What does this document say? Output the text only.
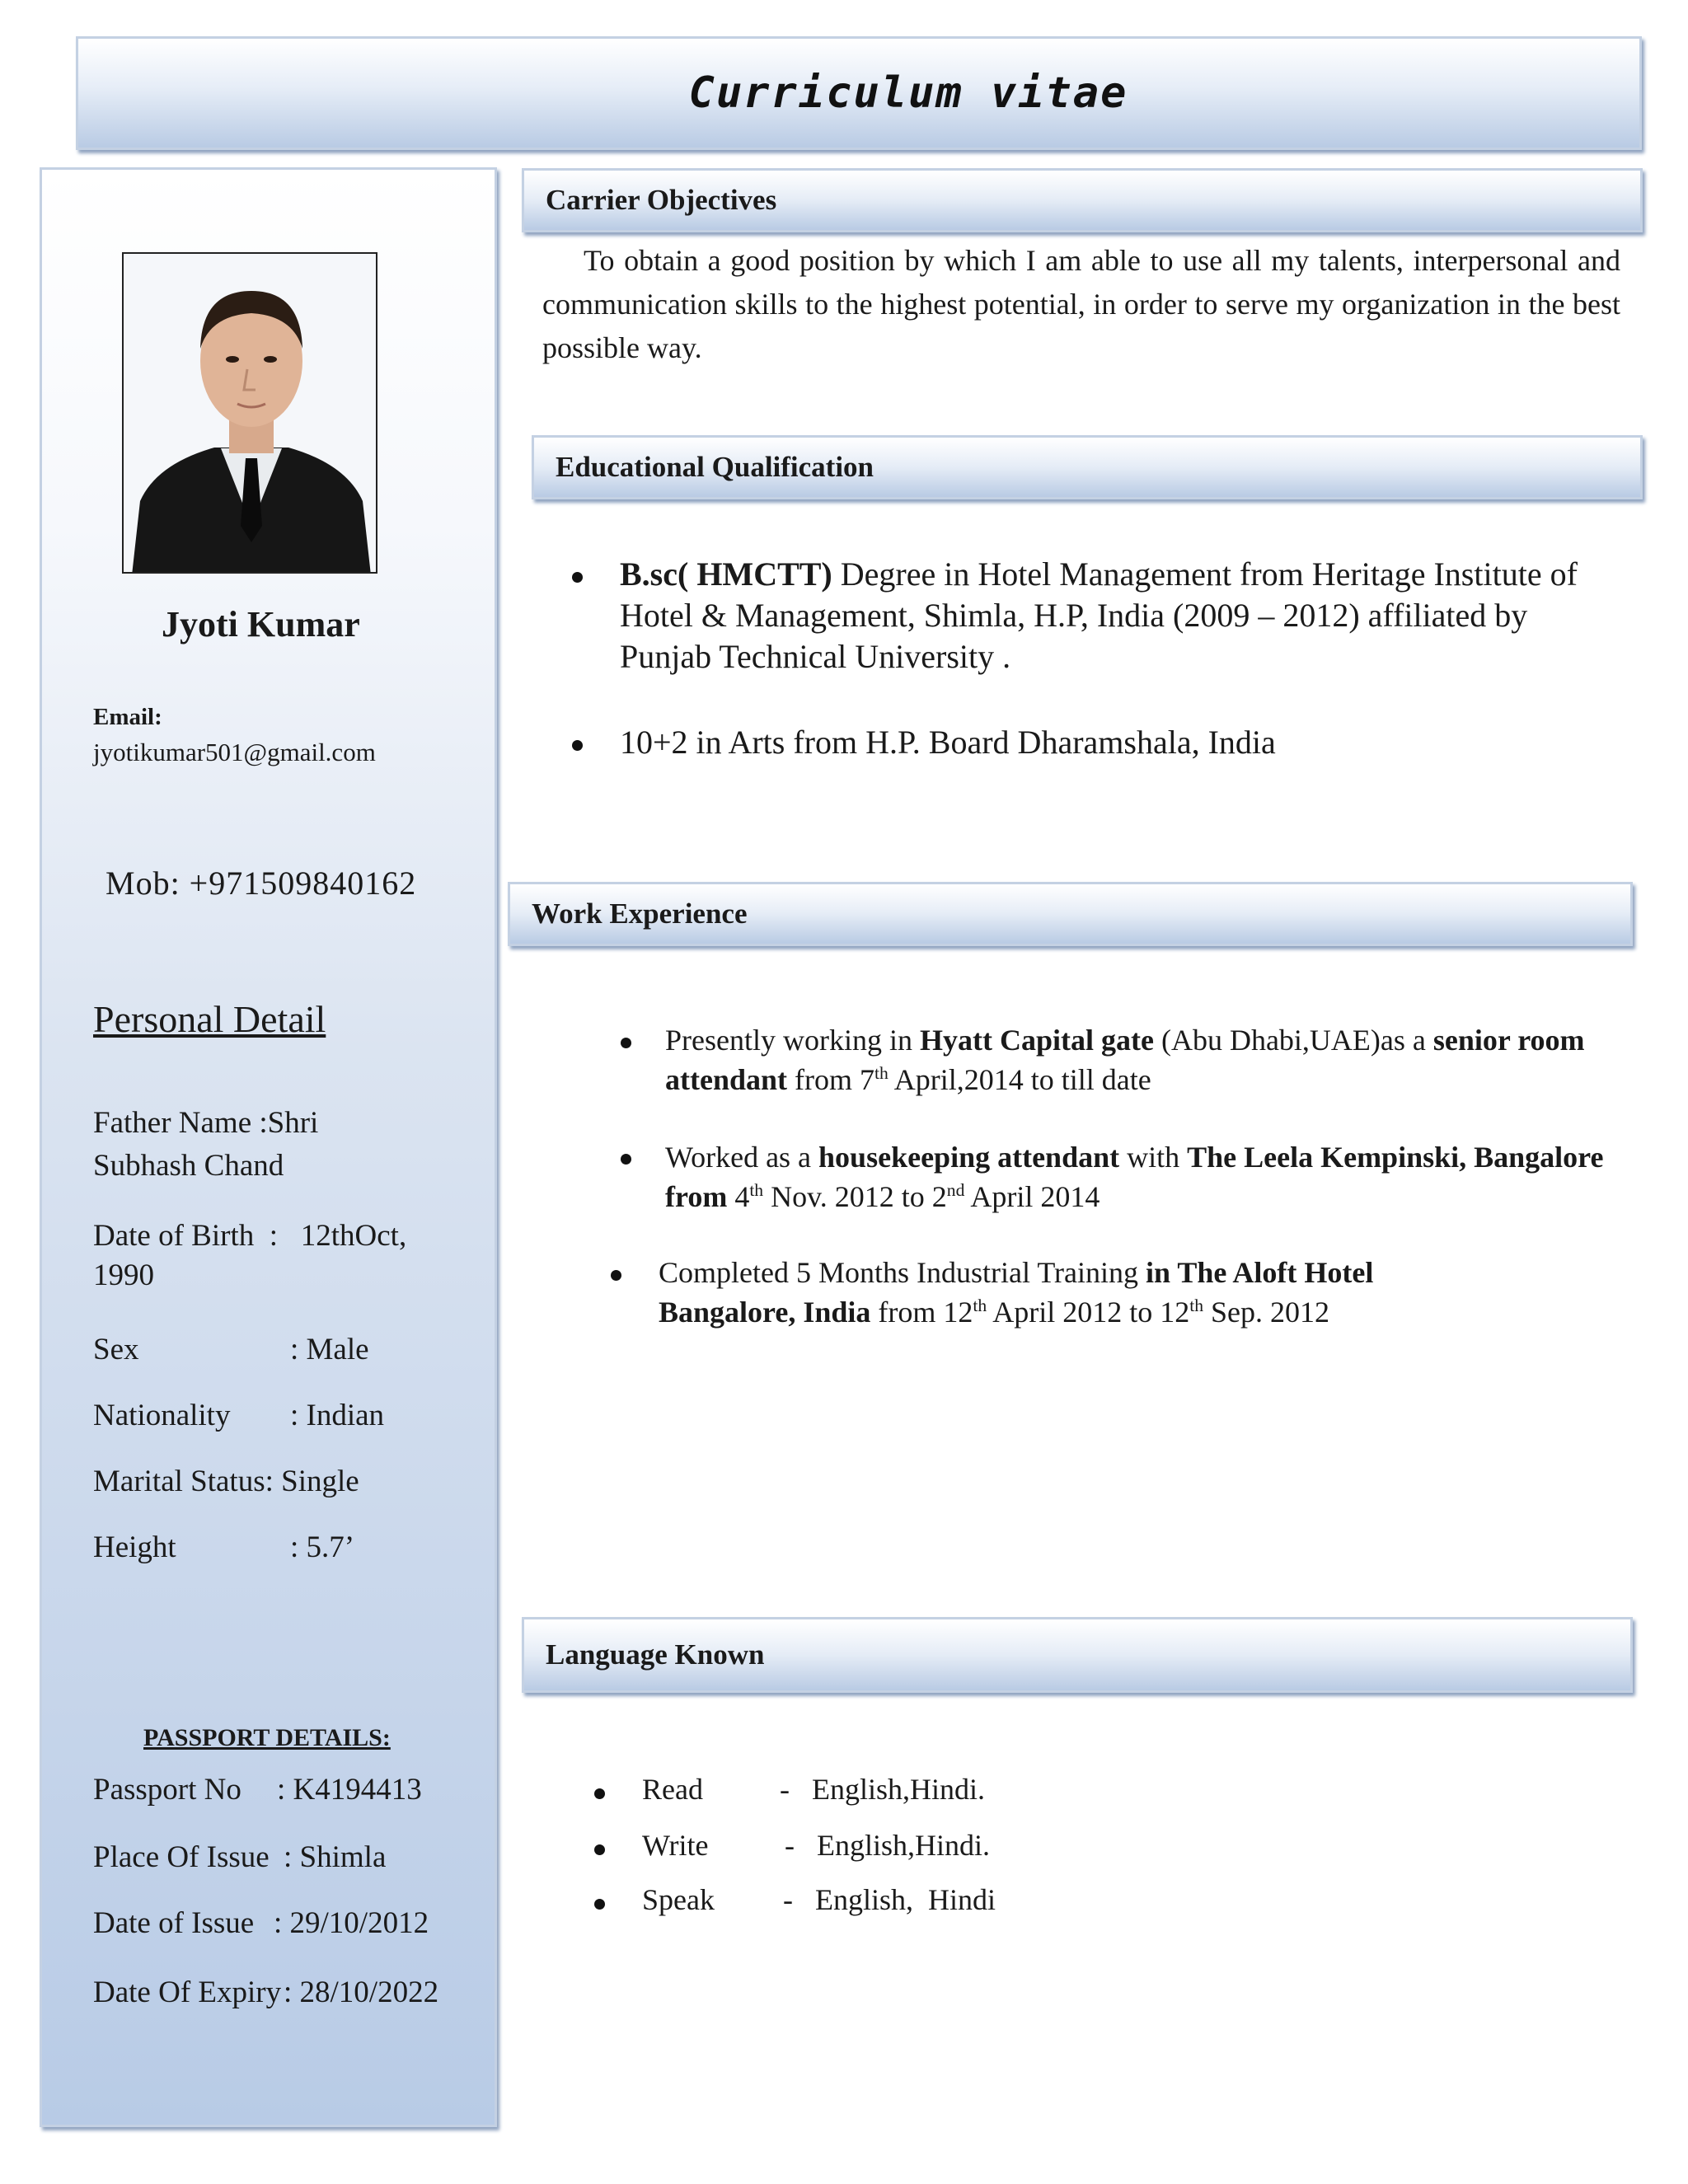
Curriculum vitae
Jyoti Kumar
Email:
jyotikumar501@gmail.com
Mob: +971509840162
Personal Detail
Father Name :Shri
Subhash Chand
Date of Birth  :   12thOct,
1990
Sex	: Male
Nationality : Indian
Marital Status: Single
Height	: 5.7’
PASSPORT DETAILS:
Passport No : K4194413
Place Of Issue : Shimla
Date of Issue : 29/10/2012
Date Of Expiry : 28/10/2022
Carrier Objectives
To obtain a good position by which I am able to use all my talents, interpersonal and communication skills to the highest potential, in order to serve my organization in the best possible way.
Educational Qualification
B.sc( HMCTT) Degree in Hotel Management from Heritage Institute of Hotel & Management, Shimla, H.P, India (2009 – 2012) affiliated by Punjab Technical University .
10+2 in Arts from H.P. Board Dharamshala, India
Work Experience
Presently working in Hyatt Capital gate (Abu Dhabi,UAE)as a senior room attendant from 7th April,2014 to till date
Worked as a housekeeping attendant with The Leela Kempinski, Bangalore from 4th Nov. 2012 to 2nd April 2014
Completed 5 Months Industrial Training in The Aloft Hotel Bangalore, India from 12th April 2012 to 12th Sep. 2012
Language Known
Read	-   English,Hindi.
Write	-   English,Hindi.
Speak -   English,  Hindi
